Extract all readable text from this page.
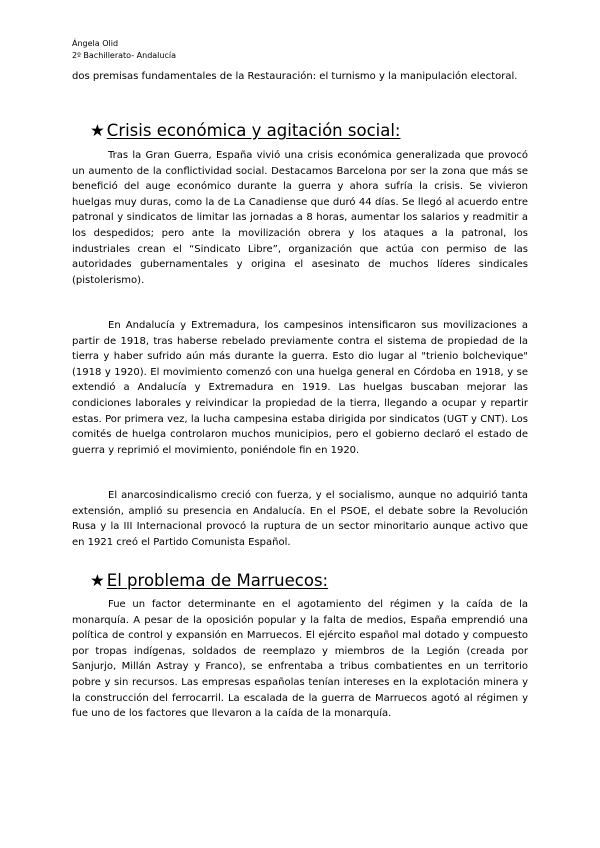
Ángela Olid
2º Bachillerato- Andalucía

dos premisas fundamentales de la Restauración: el turnismo y la manipulación electoral.

★ Crisis económica y agitación social:

Tras la Gran Guerra, España vivió una crisis económica generalizada que provocó un aumento de la conflictividad social. Destacamos Barcelona por ser la zona que más se benefició del auge económico durante la guerra y ahora sufría la crisis. Se vivieron huelgas muy duras, como la de La Canadiense que duró 44 días. Se llegó al acuerdo entre patronal y sindicatos de limitar las jornadas a 8 horas, aumentar los salarios y readmitir a los despedidos; pero ante la movilización obrera y los ataques a la patronal, los industriales crean el “Sindicato Libre”, organización que actúa con permiso de las autoridades gubernamentales y origina el asesinato de muchos líderes sindicales (pistolerismo).

En Andalucía y Extremadura, los campesinos intensificaron sus movilizaciones a partir de 1918, tras haberse rebelado previamente contra el sistema de propiedad de la tierra y haber sufrido aún más durante la guerra. Esto dio lugar al "trienio bolchevique" (1918 y 1920). El movimiento comenzó con una huelga general en Córdoba en 1918, y se extendió a Andalucía y Extremadura en 1919. Las huelgas buscaban mejorar las condiciones laborales y reivindicar la propiedad de la tierra, llegando a ocupar y repartir estas. Por primera vez, la lucha campesina estaba dirigida por sindicatos (UGT y CNT). Los comités de huelga controlaron muchos municipios, pero el gobierno declaró el estado de guerra y reprimió el movimiento, poniéndole fin en 1920.

El anarcosindicalismo creció con fuerza, y el socialismo, aunque no adquirió tanta extensión, amplió su presencia en Andalucía. En el PSOE, el debate sobre la Revolución Rusa y la III Internacional provocó la ruptura de un sector minoritario aunque activo que en 1921 creó el Partido Comunista Español.

★ El problema de Marruecos:

Fue un factor determinante en el agotamiento del régimen y la caída de la monarquía. A pesar de la oposición popular y la falta de medios, España emprendió una política de control y expansión en Marruecos. El ejército español mal dotado y compuesto por tropas indígenas, soldados de reemplazo y miembros de la Legión (creada por Sanjurjo, Millán Astray y Franco), se enfrentaba a tribus combatientes en un territorio pobre y sin recursos. Las empresas españolas tenían intereses en la explotación minera y la construcción del ferrocarril. La escalada de la guerra de Marruecos agotó al régimen y fue uno de los factores que llevaron a la caída de la monarquía.
